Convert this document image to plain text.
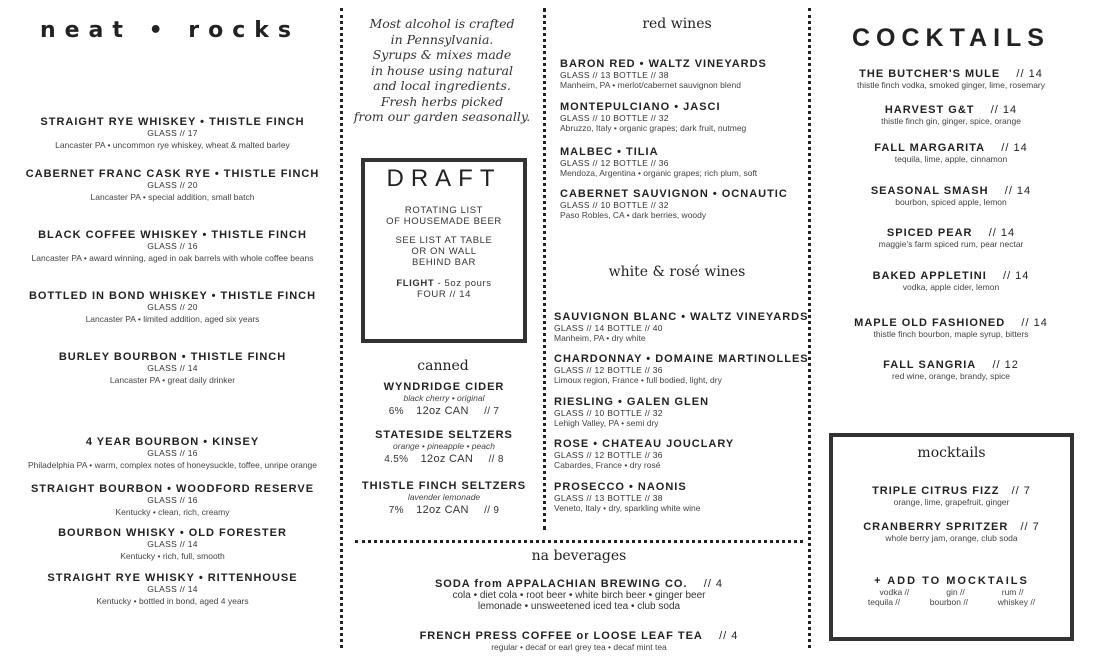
neat • rocks
STRAIGHT RYE WHISKEY • THISTLE FINCH
GLASS // 17
Lancaster PA • uncommon rye whiskey, wheat & malted barley
CABERNET FRANC CASK RYE • THISTLE FINCH
GLASS // 20
Lancaster PA • special addition, small batch
BLACK COFFEE WHISKEY • THISTLE FINCH
GLASS // 16
Lancaster PA • award winning, aged in oak barrels with whole coffee beans
BOTTLED IN BOND WHISKEY • THISTLE FINCH
GLASS // 20
Lancaster PA • limited addition, aged six years
BURLEY BOURBON • THISTLE FINCH
GLASS // 14
Lancaster PA • great daily drinker
4 YEAR BOURBON • KINSEY
GLASS // 16
Philadelphia PA • warm, complex notes of honeysuckle, toffee, unripe orange
STRAIGHT BOURBON • WOODFORD RESERVE
GLASS // 16
Kentucky • clean, rich, creamy
BOURBON WHISKY • OLD FORESTER
GLASS // 14
Kentucky • rich, full, smooth
STRAIGHT RYE WHISKY • RITTENHOUSE
GLASS // 14
Kentucky • bottled in bond, aged 4 years
Most alcohol is crafted
in Pennsylvania.
Syrups & mixes made
in house using natural
and local ingredients.
Fresh herbs picked
from our garden seasonally.
DRAFT
ROTATING LIST
OF HOUSEMADE BEER
SEE LIST AT TABLE
OR ON WALL
BEHIND BAR
FLIGHT - 5oz pours
FOUR // 14
canned
WYNDRIDGE CIDER
black cherry • original
6% 12oz CAN // 7
STATESIDE SELTZERS
orange • pineapple • peach
4.5% 12oz CAN // 8
THISTLE FINCH SELTZERS
lavender lemonade
7% 12oz CAN // 9
red wines
BARON RED • WALTZ VINEYARDS
GLASS // 13 BOTTLE // 38
Manheim, PA • merlot/cabernet sauvignon blend
MONTEPULCIANO • JASCI
GLASS // 10 BOTTLE // 32
Abruzzo, Italy • organic grapes; dark fruit, nutmeg
MALBEC • TILIA
GLASS // 12 BOTTLE // 36
Mendoza, Argentina • organic grapes; rich plum, soft
CABERNET SAUVIGNON • OCNAUTIC
GLASS // 10 BOTTLE // 32
Paso Robles, CA • dark berries, woody
white & rosé wines
SAUVIGNON BLANC • WALTZ VINEYARDS
GLASS // 14 BOTTLE // 40
Manheim, PA • dry white
CHARDONNAY • DOMAINE MARTINOLLES
GLASS // 12 BOTTLE // 36
Limoux region, France • full bodied, light, dry
RIESLING • GALEN GLEN
GLASS // 10 BOTTLE // 32
Lehigh Valley, PA • semi dry
ROSE • CHATEAU JOUCLARY
GLASS // 12 BOTTLE // 36
Cabardes, France • dry rosé
PROSECCO • NAONIS
GLASS // 13 BOTTLE // 38
Veneto, Italy • dry, sparkling white wine
na beverages
SODA from APPALACHIAN BREWING CO. // 4
cola • diet cola • root beer • white birch beer • ginger beer
lemonade • unsweetened iced tea • club soda
FRENCH PRESS COFFEE or LOOSE LEAF TEA // 4
regular • decaf or earl grey tea • decaf mint tea
COCKTAILS
THE BUTCHER'S MULE // 14
thistle finch vodka, smoked ginger, lime, rosemary
HARVEST G&T // 14
thistle finch gin, ginger, spice, orange
FALL MARGARITA // 14
tequila, lime, apple, cinnamon
SEASONAL SMASH // 14
bourbon, spiced apple, lemon
SPICED PEAR // 14
maggie's farm spiced rum, pear nectar
BAKED APPLETINI // 14
vodka, apple cider, lemon
MAPLE OLD FASHIONED // 14
thistle finch bourbon, maple syrup, bitters
FALL SANGRIA // 12
red wine, orange, brandy, spice
mocktails
TRIPLE CITRUS FIZZ // 7
orange, lime, grapefruit, ginger
CRANBERRY SPRITZER // 7
whole berry jam, orange, club soda
+ ADD TO MOCKTAILS
vodka //	gin //	rum //
tequila //	bourbon //	whiskey //
